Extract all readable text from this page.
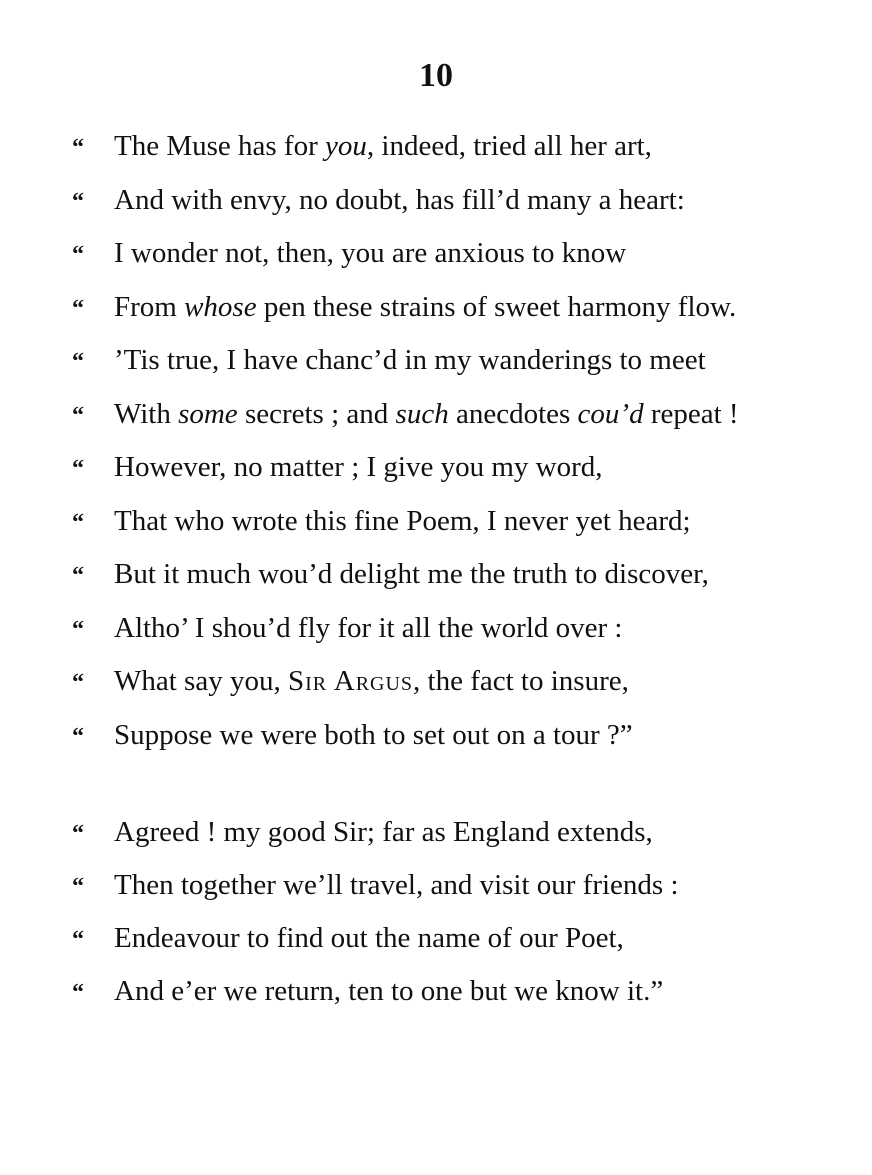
10
“	The Muse has for you, indeed, tried all her art,
“	And with envy, no doubt, has fill’d many a heart:
“	I wonder not, then, you are anxious to know
“	From whose pen these strains of sweet harmony flow.
“	’Tis true, I have chanc’d in my wanderings to meet
“	With some secrets ; and such anecdotes cou’d repeat !
“	However, no matter ; I give you my word,
“	That who wrote this fine Poem, I never yet heard;
“	But it much wou’d delight me the truth to discover,
“	Altho’ I shou’d fly for it all the world over :
“	What say you, Sir Argus, the fact to insure,
“	Suppose we were both to set out on a tour ?”
“	Agreed ! my good Sir; far as England extends,
“	Then together we’ll travel, and visit our friends :
“	Endeavour to find out the name of our Poet,
“	And e’er we return, ten to one but we know it.”
